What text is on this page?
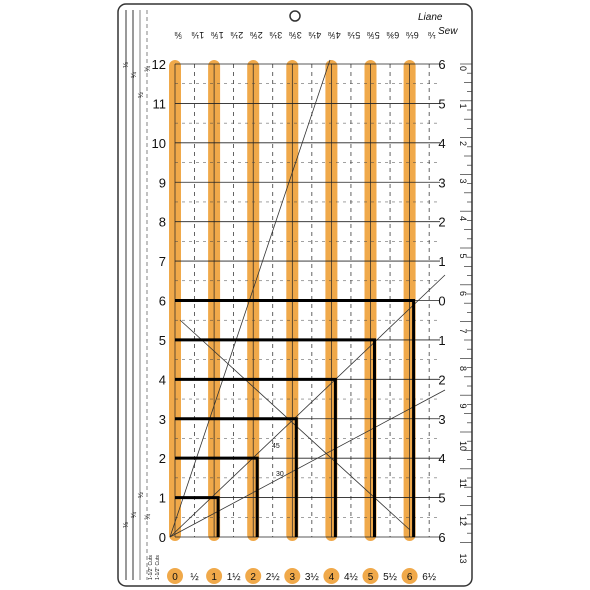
Liane
Sew
⅛
¼
½
¾
⅛
¼
½
¾
0
1
2
3
4
5
6
7
8
9
10
11
12	6
5
4
3
2
1
0
1
2
3
4
5
6
⅛
6⅛
6⅜
5⅝
5⅛
4⅝
4⅛
3⅝
3⅛
2⅝
2⅛
1⅝
1⅛
⅝
0 ½ 1 1½ 2 2½ 3 3½ 4 4½ 5 5½ 6 6½
0
1
2
3
4
5
6
7
8
9
10
11
12
13
45
30
1-1/2" Cuts 1-1/2" Cuts
